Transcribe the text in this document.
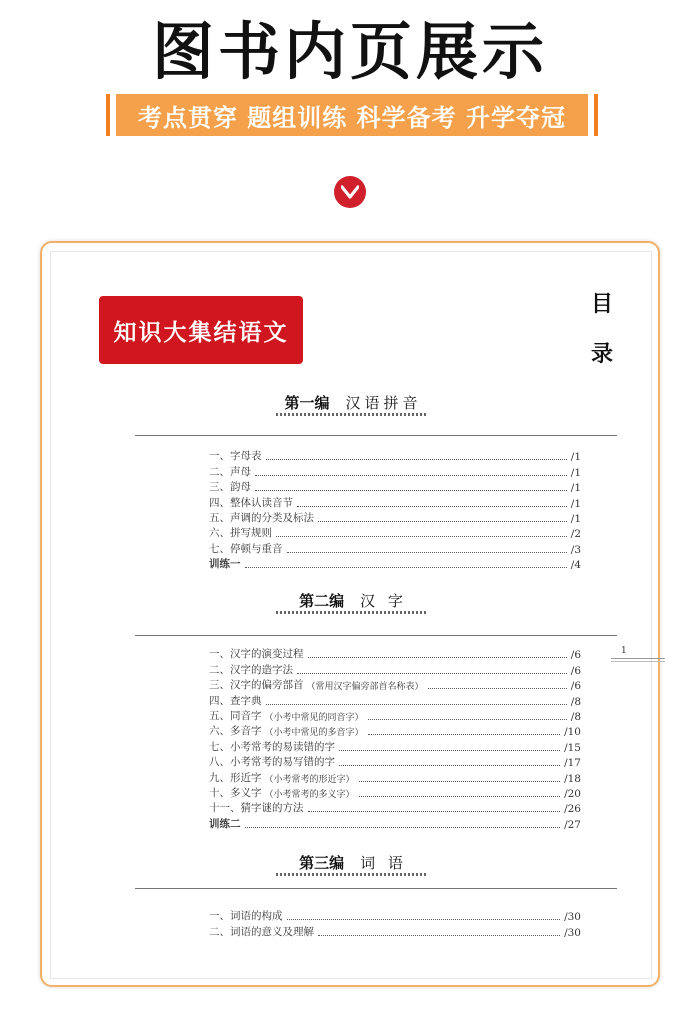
图书内页展示
考点贯穿 题组训练 科学备考 升学夺冠
知识大集结语文
目
录
第一编 汉语拼音
一、字母表	/1
二、声母	/1
三、韵母	/1
四、整体认读音节	/1
五、声调的分类及标法	/1
六、拼写规则	/2
七、停顿与重音	/3
训练一	/4
第二编 汉 字
一、汉字的演变过程	/6
二、汉字的造字法	/6
三、汉字的偏旁部首 （常用汉字偏旁部首名称表）	/6
四、查字典	/8
五、同音字 （小考中常见的同音字）	/8
六、多音字 （小考中常见的多音字）	/10
七、小考常考的易读错的字	/15
八、小考常考的易写错的字	/17
九、形近字 （小考常考的形近字）	/18
十、多义字 （小考常考的多义字）	/20
十一、猜字谜的方法	/26
训练二	/27
第三编 词 语
一、词语的构成	/30
二、词语的意义及理解	/30
1
